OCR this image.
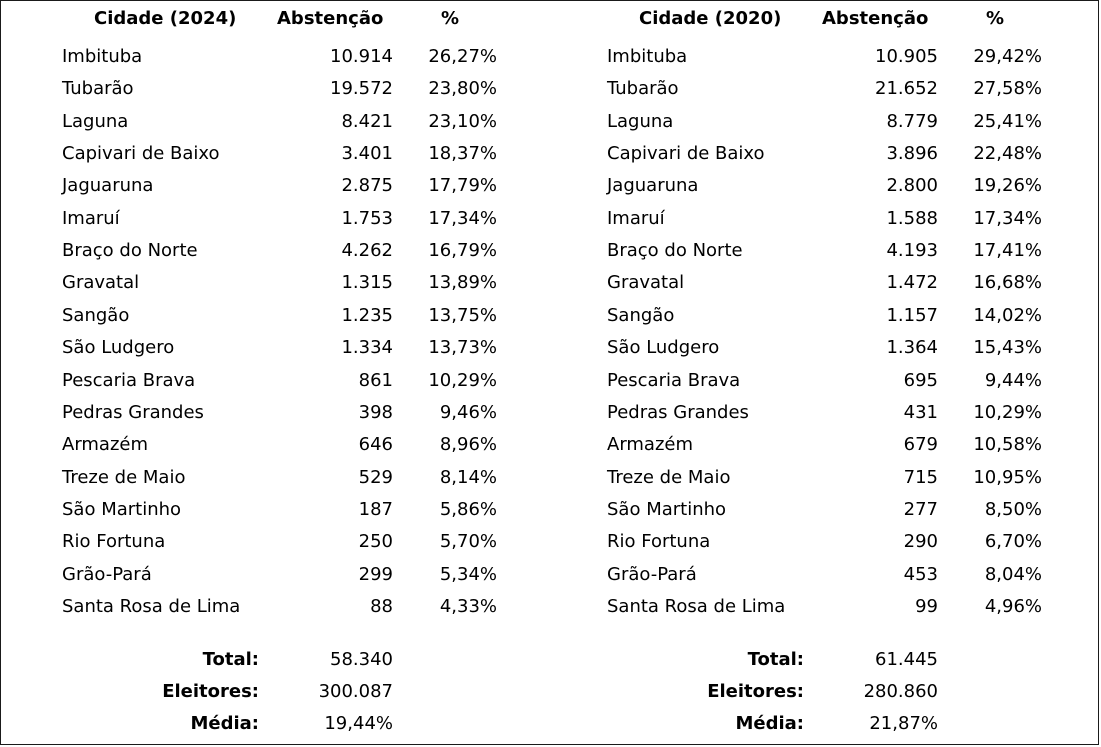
Cidade (2024) Abstenção	%
Imbituba	10.914 26,27%
Tubarão	19.572 23,80%
Laguna	8.421 23,10%
Capivari de Baixo	3.401 18,37%
Jaguaruna	2.875 17,79%
Imaruí	1.753 17,34%
Braço do Norte	4.262 16,79%
Gravatal	1.315 13,89%
Sangão	1.235 13,75%
São Ludgero	1.334 13,73%
Pescaria Brava	861 10,29%
Pedras Grandes	398	9,46%
Armazém	646	8,96%
Treze de Maio	529	8,14%
São Martinho	187	5,86%
Rio Fortuna	250	5,70%
Grão-Pará	299	5,34%
Santa Rosa de Lima	88	4,33%
Total:	58.340
Eleitores:	300.087
Média:	19,44%
Cidade (2020) Abstenção	%
Imbituba	10.905 29,42%
Tubarão	21.652 27,58%
Laguna	8.779 25,41%
Capivari de Baixo	3.896 22,48%
Jaguaruna	2.800 19,26%
Imaruí	1.588 17,34%
Braço do Norte	4.193 17,41%
Gravatal	1.472 16,68%
Sangão	1.157 14,02%
São Ludgero	1.364 15,43%
Pescaria Brava	695	9,44%
Pedras Grandes	431 10,29%
Armazém	679 10,58%
Treze de Maio	715 10,95%
São Martinho	277	8,50%
Rio Fortuna	290	6,70%
Grão-Pará	453	8,04%
Santa Rosa de Lima	99	4,96%
Total:	61.445
Eleitores:	280.860
Média:	21,87%
